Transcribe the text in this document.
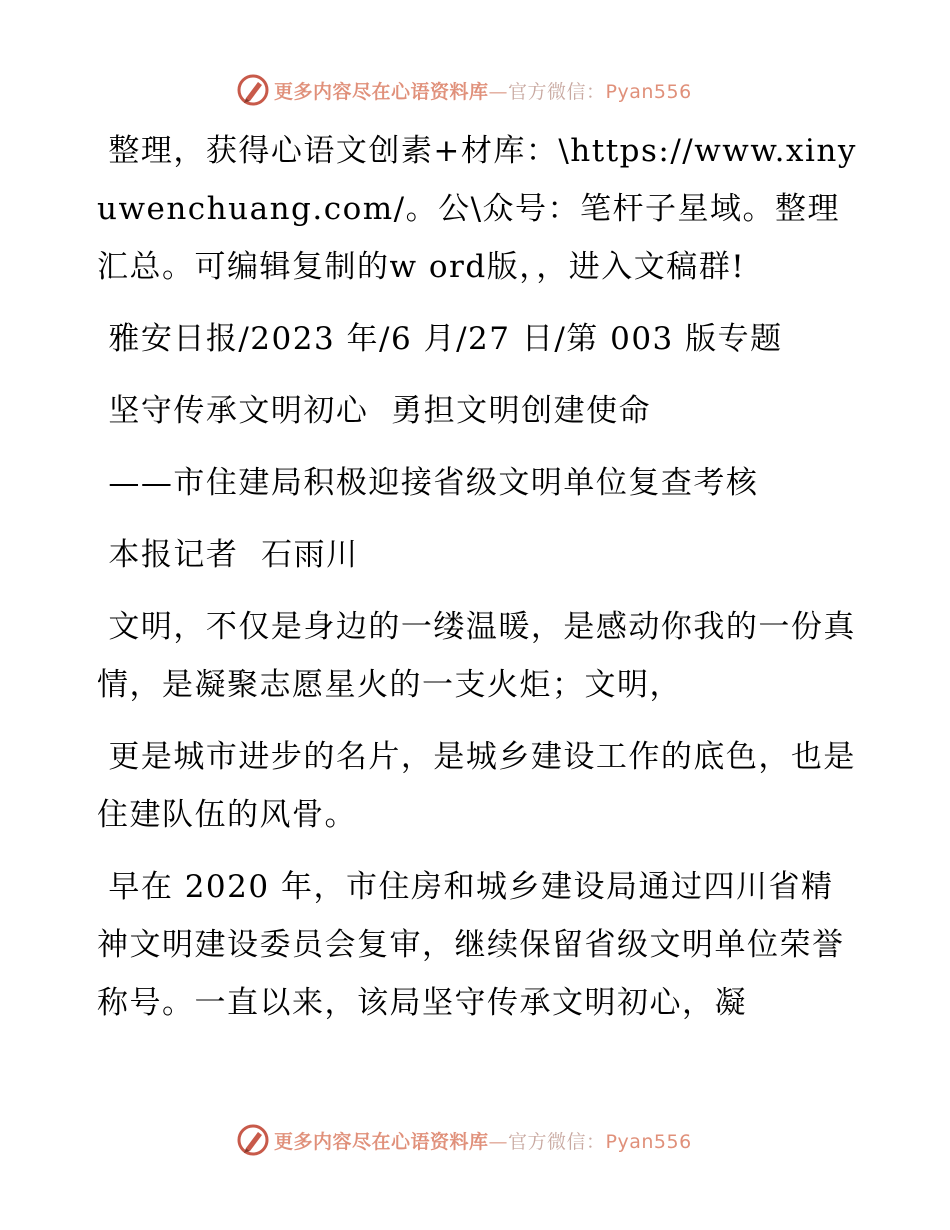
更多内容尽在心语资料库—官方微信：Pyan556

整理，获得心语文创素+材库：\https://www.xinyuwenchuang.com/。公\众号：笔杆子星域。整理汇总。可编辑复制的w ord版，，进入文稿群!

雅安日报/2023 年/6 月/27 日/第 003 版专题

坚守传承文明初心  勇担文明创建使命

——市住建局积极迎接省级文明单位复查考核

本报记者  石雨川

文明，不仅是身边的一缕温暖，是感动你我的一份真情，是凝聚志愿星火的一支火炬；文明，

更是城市进步的名片，是城乡建设工作的底色，也是住建队伍的风骨。

早在 2020 年，市住房和城乡建设局通过四川省精神文明建设委员会复审，继续保留省级文明单位荣誉称号。一直以来，该局坚守传承文明初心，凝

更多内容尽在心语资料库—官方微信：Pyan556
